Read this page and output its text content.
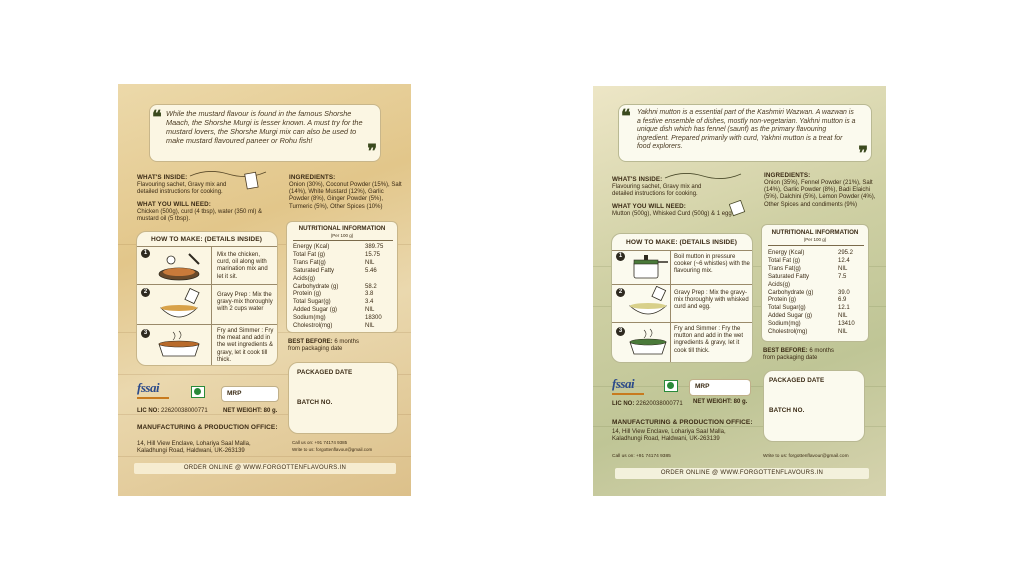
❝ While the mustard flavour is found in the famous Shorshe Maach, the Shorshe Murgi is lesser known. A must try for the mustard lovers, the Shorshe Murgi mix can also be used to make mustard flavoured paneer or Rohu fish!
❞
WHAT'S INSIDE:
Flavouring sachet, Gravy mix and detailed instructions for cooking.
WHAT YOU WILL NEED:
Chicken (500g), curd (4 tbsp), water (350 ml) & mustard oil (5 tbsp).
INGREDIENTS:
Onion (30%), Coconut Powder (15%), Salt (14%), White Mustard (12%), Garlic Powder (8%), Ginger Powder (5%), Turmeric (5%), Other Spices (10%)
HOW TO MAKE: (DETAILS INSIDE)
1	Mix the chicken, curd, oil along with marination mix and let it sit.
2	Gravy Prep : Mix the gravy-mix thoroughly with 2 cups water
3	Fry and Simmer : Fry the meat and add in the wet ingredients & gravy, let it cook till thick.
NUTRITIONAL INFORMATION
(Per 100 g)
Energy (Kcal)	389.75
Total Fat (g)	15.75
Trans Fat(g)	NIL
Saturated Fatty	5.46
Acids(g)
Carbohydrate (g)	58.2
Protein (g)	3.8
Total Sugar(g)	3.4
Added Sugar (g)	NIL
Sodium(mg)	18300
Cholestrol(mg)	NIL
BEST BEFORE: 6 months
from packaging date
PACKAGED DATE
BATCH NO.
fssai	MRP
LIC NO: 22620038000771	NET WEIGHT: 80 g.
MANUFACTURING & PRODUCTION OFFICE:
14, Hill View Enclave, Lohariya Saal Malla,
Kaladhungi Road, Haldwani, UK-263139
Call us on: +91 74174 9385
Write to us: forgottenflavour@gmail.com
ORDER ONLINE @ WWW.FORGOTTENFLAVOURS.IN
❝ Yakhni mutton is a essential part of the Kashmiri Wazwan. A wazwan is a festive ensemble of dishes, mostly non-vegetarian. Yakhni mutton is a unique dish which has fennel (saunf) as the primary flavouring ingredient. Prepared primarily with curd, Yakhni mutton is a treat for food explorers.	❞
WHAT'S INSIDE:
Flavouring sachet, Gravy mix and detailed instructions for cooking.
WHAT YOU WILL NEED:
Mutton (500g), Whisked Curd (500g) & 1 egg
INGREDIENTS:
Onion (35%), Fennel Powder (21%), Salt (14%), Garlic Powder (8%), Badi Elaichi (5%), Dalchini (5%), Lemon Powder (4%), Other Spices and condiments (9%)
HOW TO MAKE: (DETAILS INSIDE)
1	Boil mutton in pressure cooker (~6 whistles) with the flavouring mix.
2	Gravy Prep : Mix the gravy-mix thoroughly with whisked curd and egg.
3	Fry and Simmer : Fry the mutton and add in the wet ingredients & gravy, let it cook till thick.
NUTRITIONAL INFORMATION
(Per 100 g)
Energy (Kcal)	295.2
Total Fat (g)	12.4
Trans Fat(g)	NIL
Saturated Fatty	7.5
Acids(g)
Carbohydrate (g)	39.0
Protein (g)	6.9
Total Sugar(g)	12.1
Added Sugar (g)	NIL
Sodium(mg)	13410
Cholestrol(mg)	NIL
BEST BEFORE: 6 months
from packaging date
PACKAGED DATE
BATCH NO.
fssai	MRP
LIC NO: 22620038000771 NET WEIGHT: 80 g.
MANUFACTURING & PRODUCTION OFFICE:
14, Hill View Enclave, Lohariya Saal Malla,
Kaladhungi Road, Haldwani, UK-263139
Call us on: +91 74174 9385	Write to us: forgottenflavour@gmail.com
ORDER ONLINE @ WWW.FORGOTTENFLAVOURS.IN
